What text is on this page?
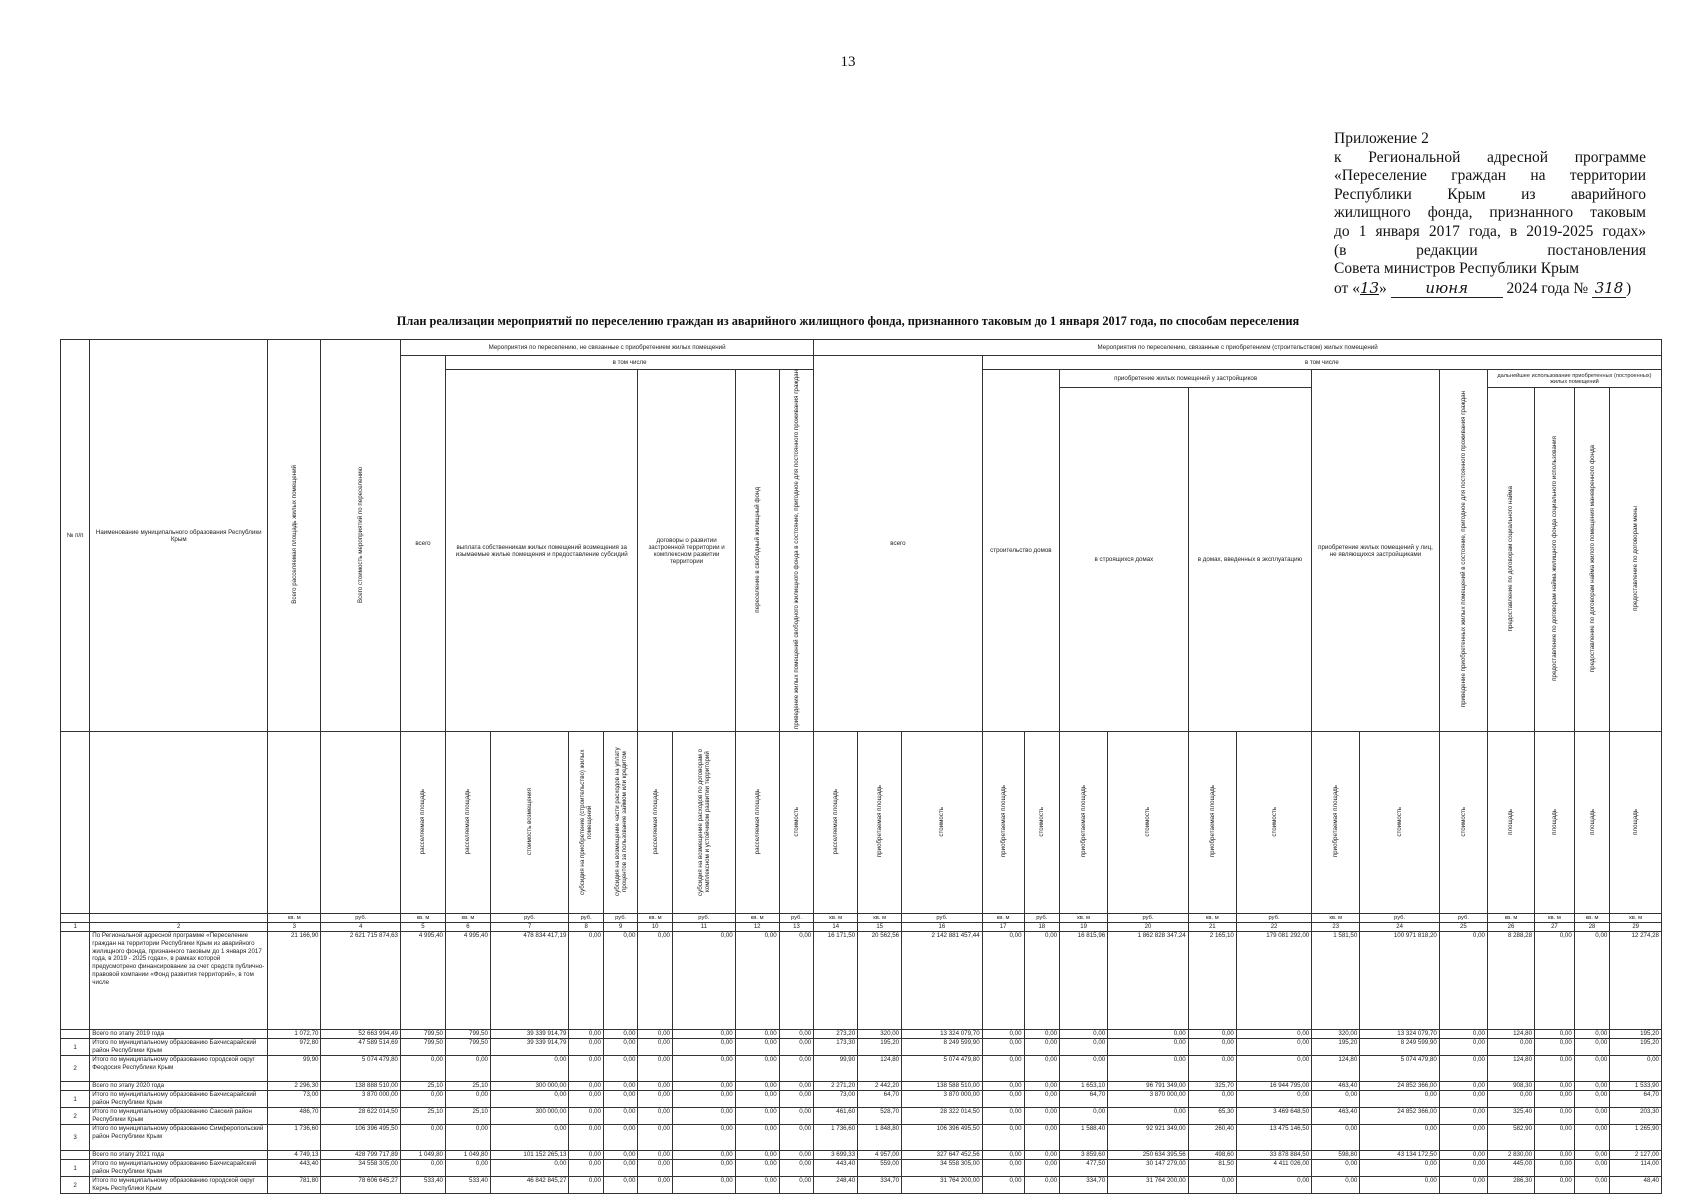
13
Приложение 2
к Региональной адресной программе
«Переселение граждан на территории
Республики Крым из аварийного
жилищного фонда, признанного таковым
до 1 января 2017 года, в 2019-2025 годах»
(в редакции постановления
Совета министров Республики Крым
от «13»	июня 2024 года № 318 )
План реализации мероприятий по переселению граждан из аварийного жилищного фонда, признанного таковым до 1 января 2017 года, по способам переселения
№ п/п	Наименование муниципального образования Республики Крым	Всего расселяемая площадь жилых помещений	Всего стоимость мероприятий по переселению	Мероприятия по переселению, не связанные с приобретением жилых помещений									Мероприятия по переселению, связанные с приобретением (строительством) жилых помещений															
				всего	в том числе								всего			в том числе												
					выплата собственникам жилых помещений возмещения за изымаемые жилые помещения и предоставление субсидий				договоры о развитии застроенной территории и комплексном развитии территории		переселение в свободный жилищный фонд	приведение жилых помещений свободного жилищного фонда в состояние, пригодное для постоянного проживания граждан				строительство домов		приобретение жилых помещений у застройщиков				приобретение жилых помещений у лиц, не являющихся застройщиками		приведение приобретенных жилых помещений в состояние, пригодное для постоянного проживания граждан	дальнейшее использование приобретенных (построенных) жилых помещений			
																		в строящихся домах		в домах, введенных в эксплуатацию					предоставление по договорам социального найма	предоставление по договорам найма жилищного фонда социального использования	предоставление по договорам найма жилого помещения маневренного фонда	предоставление по договорам мены
				расселяемая площадь	расселяемая площадь	стоимость возмещения	субсидия на приобретение (строительство) жилых помещений	субсидия на возмещение части расходов на уплату процентов за пользование займом или кредитом	расселяемая площадь	субсидия на возмещение расходов по договорам о комплексном и устойчивом развитии территорий	расселяемая площадь	стоимость	расселяемая площадь	приобретаемая площадь	стоимость	приобретаемая площадь	стоимость	приобретаемая площадь	стоимость	приобретаемая площадь	стоимость	приобретаемая площадь	стоимость	стоимость	площадь	площадь	площадь	площадь
		кв. м	руб.	кв. м	кв. м	руб.	руб.	руб.	кв. м	руб.	кв. м	руб.	кв. м	кв. м	руб.	кв. м	руб.	кв. м	руб.	кв. м	руб.	кв. м	руб.	руб.	кв. м	кв. м	кв. м	кв. м
1	2	3	4	5	6	7	8	9	10	11	12	13	14	15	16	17	18	19	20	21	22	23	24	25	26	27	28	29
	По Региональной адресной программе «Переселение граждан на территории Республики Крым из аварийного жилищного фонда, признанного таковым до 1 января 2017 года, в 2019 - 2025 годах», в рамках которой предусмотрено финансирование за счет средств публично-правовой компании «Фонд развития территорий», в том числе	21 166,90	2 621 715 874,63	4 995,40	4 995,40	478 834 417,19	0,00	0,00	0,00	0,00	0,00	0,00	16 171,50	20 562,56	2 142 881 457,44	0,00	0,00	16 815,96	1 862 828 347,24	2 165,10	179 081 292,00	1 581,50	100 971 818,20	0,00	8 288,28	0,00	0,00	12 274,28
	Всего по этапу 2019 года	1 072,70	52 663 994,49	799,50	799,50	39 339 914,79	0,00	0,00	0,00	0,00	0,00	0,00	273,20	320,00	13 324 079,70	0,00	0,00	0,00	0,00	0,00	0,00	320,00	13 324 079,70	0,00	124,80	0,00	0,00	195,20
1	Итого по муниципальному образованию Бахчисарайский район Республики Крым	972,80	47 589 514,69	799,50	799,50	39 339 914,79	0,00	0,00	0,00	0,00	0,00	0,00	173,30	195,20	8 249 599,90	0,00	0,00	0,00	0,00	0,00	0,00	195,20	8 249 599,90	0,00	0,00	0,00	0,00	195,20
2	Итого по муниципальному образованию городской округ Феодосия Республики Крым	99,90	5 074 479,80	0,00	0,00	0,00	0,00	0,00	0,00	0,00	0,00	0,00	99,90	124,80	5 074 479,80	0,00	0,00	0,00	0,00	0,00	0,00	124,80	5 074 479,80	0,00	124,80	0,00	0,00	0,00
	Всего по этапу 2020 года	2 296,30	138 888 510,00	25,10	25,10	300 000,00	0,00	0,00	0,00	0,00	0,00	0,00	2 271,20	2 442,20	138 588 510,00	0,00	0,00	1 653,10	96 791 349,00	325,70	16 944 795,00	463,40	24 852 366,00	0,00	908,30	0,00	0,00	1 533,90
1	Итого по муниципальному образованию Бахчисарайский район Республики Крым	73,00	3 870 000,00	0,00	0,00	0,00	0,00	0,00	0,00	0,00	0,00	0,00	73,00	64,70	3 870 000,00	0,00	0,00	64,70	3 870 000,00	0,00	0,00	0,00	0,00	0,00	0,00	0,00	0,00	64,70
2	Итого по муниципальному образованию Сакский район Республики Крым	486,70	28 622 014,50	25,10	25,10	300 000,00	0,00	0,00	0,00	0,00	0,00	0,00	461,60	528,70	28 322 014,50	0,00	0,00	0,00	0,00	65,30	3 469 648,50	463,40	24 852 366,00	0,00	325,40	0,00	0,00	203,30
3	Итого по муниципальному образованию Симферопольский район Республики Крым	1 736,60	106 396 495,50	0,00	0,00	0,00	0,00	0,00	0,00	0,00	0,00	0,00	1 736,60	1 848,80	106 396 495,50	0,00	0,00	1 588,40	92 921 349,00	260,40	13 475 146,50	0,00	0,00	0,00	582,90	0,00	0,00	1 265,90
	Всего по этапу 2021 года	4 749,13	428 799 717,89	1 049,80	1 049,80	101 152 265,13	0,00	0,00	0,00	0,00	0,00	0,00	3 699,33	4 957,00	327 647 452,56	0,00	0,00	3 859,60	250 634 395,56	498,60	33 878 884,50	598,80	43 134 172,50	0,00	2 830,00	0,00	0,00	2 127,00
1	Итого по муниципальному образованию Бахчисарайский район Республики Крым	443,40	34 558 305,00	0,00	0,00	0,00	0,00	0,00	0,00	0,00	0,00	0,00	443,40	559,00	34 558 305,00	0,00	0,00	477,50	30 147 279,00	81,50	4 411 026,00	0,00	0,00	0,00	445,00	0,00	0,00	114,00
2	Итого по муниципальному образованию городской округ Керчь Республики Крым	781,80	78 606 645,27	533,40	533,40	46 842 845,27	0,00	0,00	0,00	0,00	0,00	0,00	248,40	334,70	31 764 200,00	0,00	0,00	334,70	31 764 200,00	0,00	0,00	0,00	0,00	0,00	286,30	0,00	0,00	48,40
